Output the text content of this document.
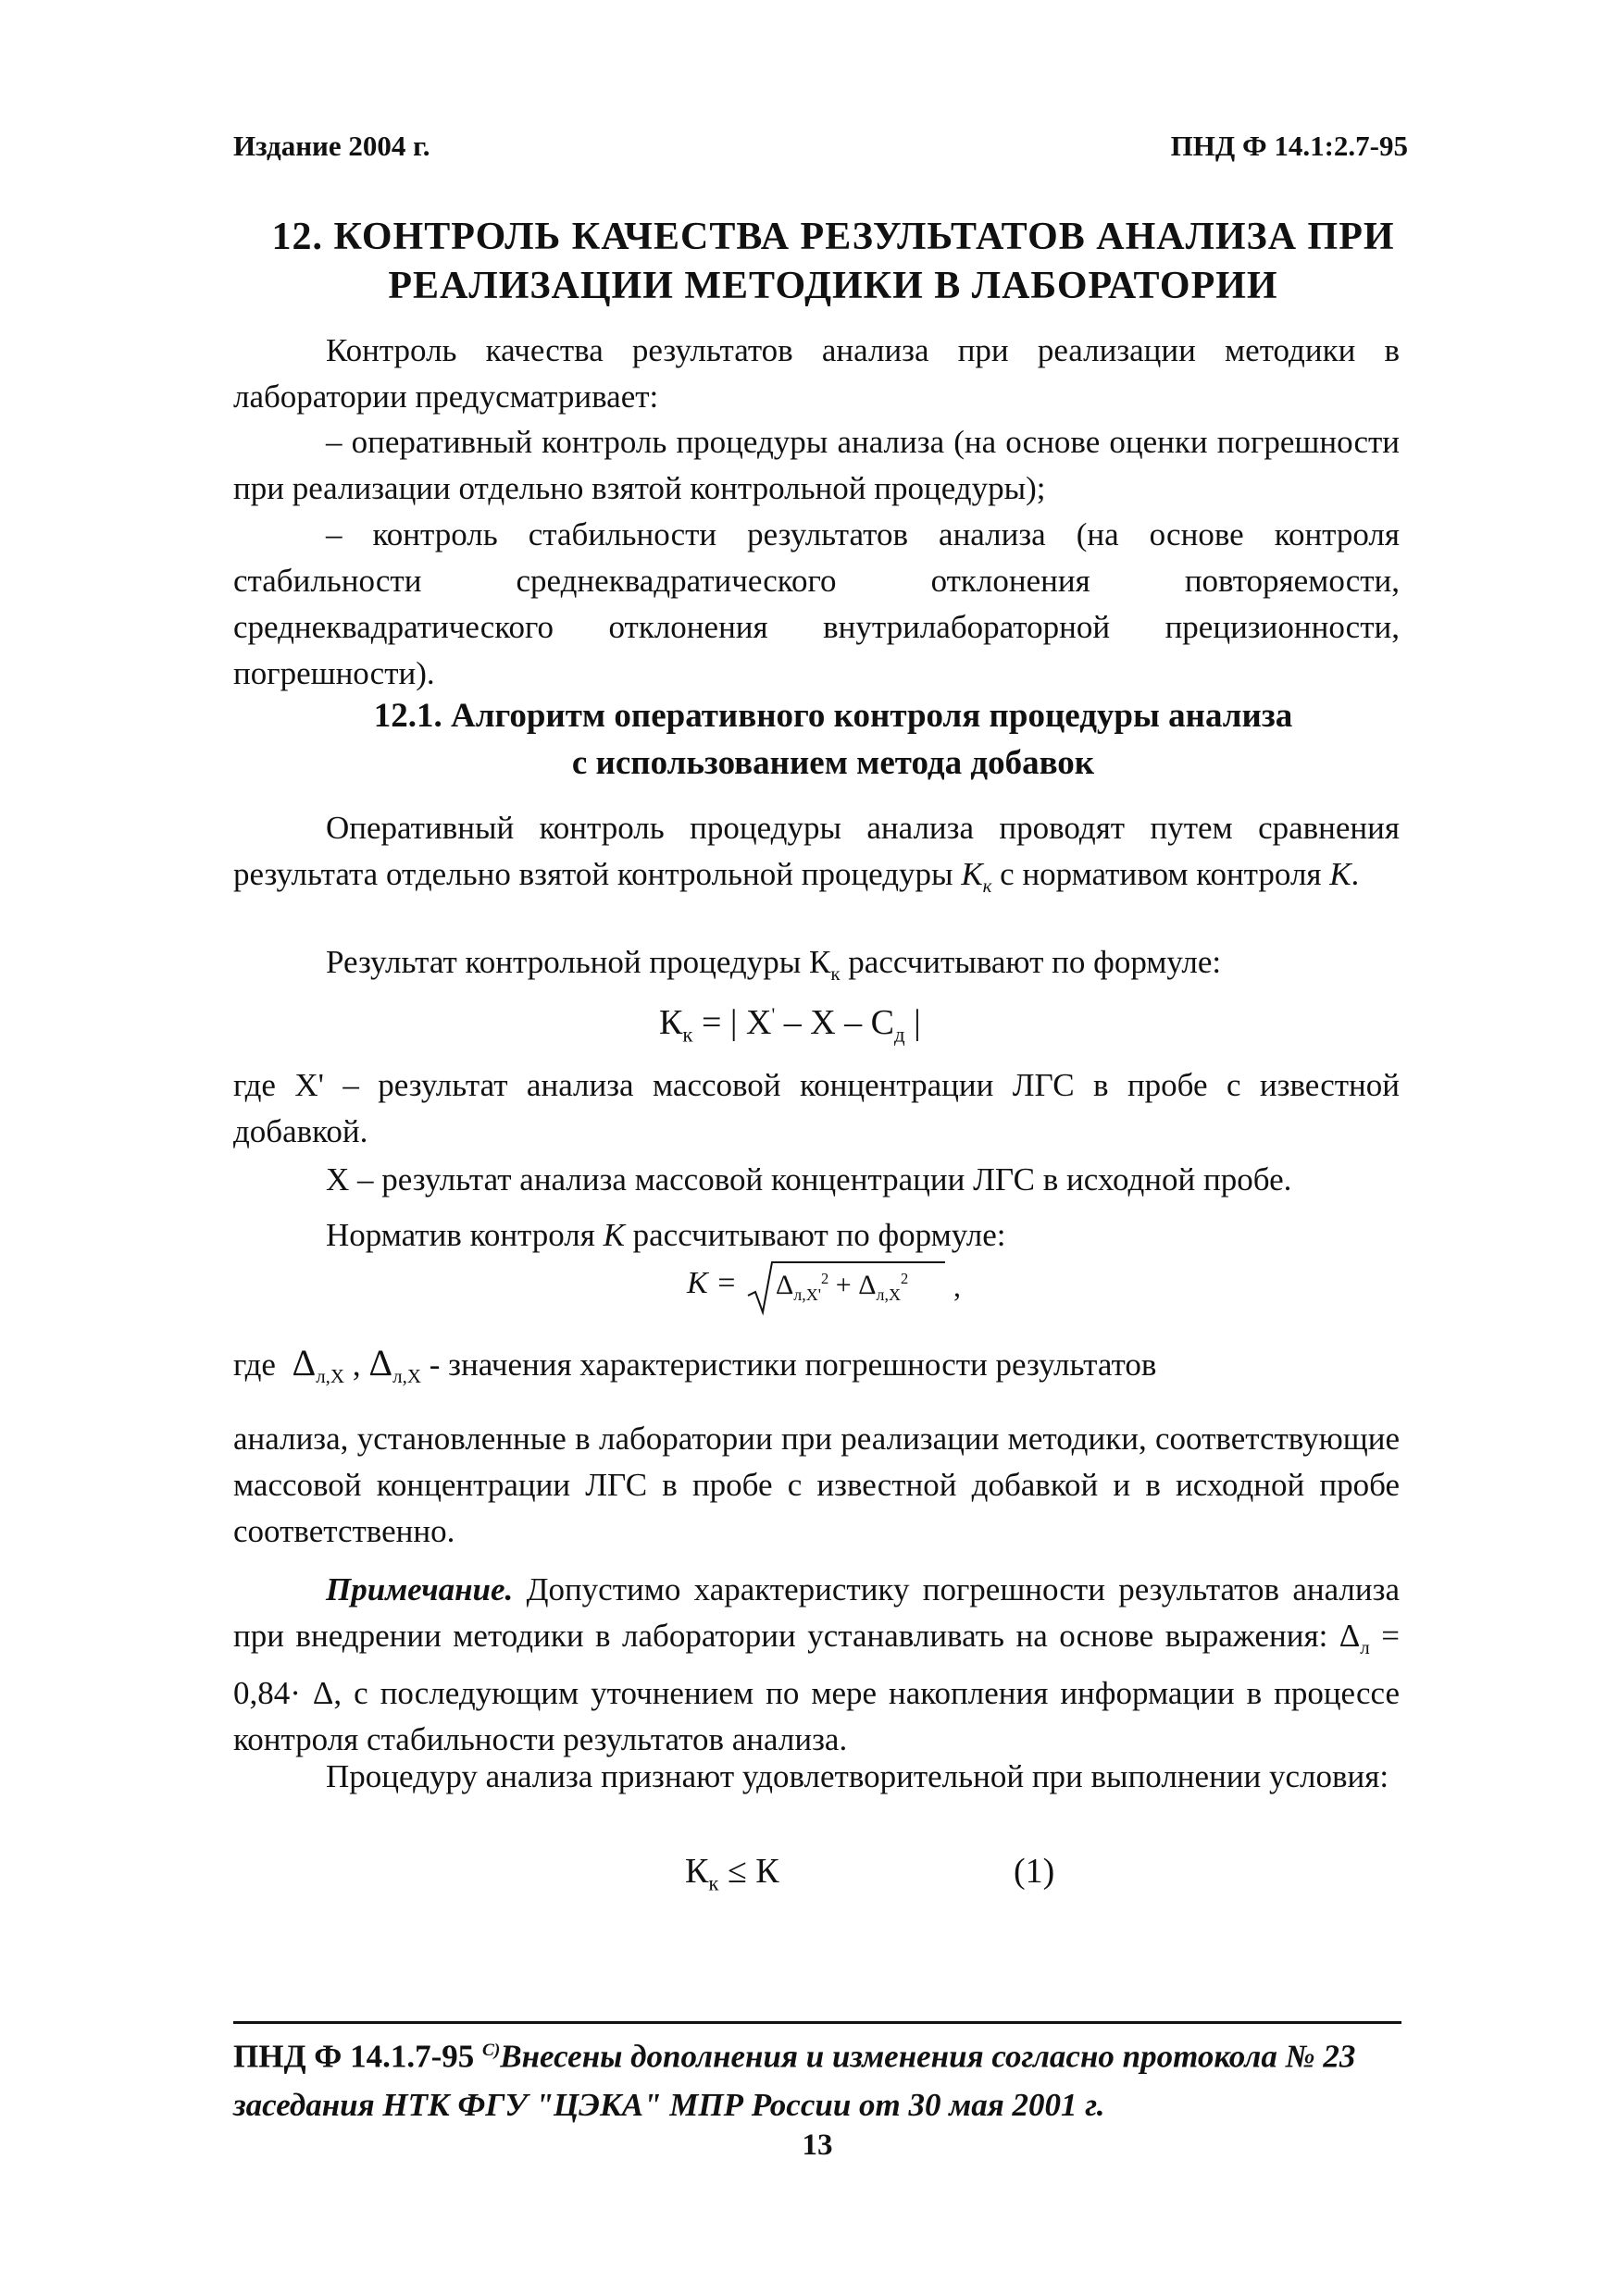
Издание 2004 г.	ПНД Ф 14.1:2.7-95
12. КОНТРОЛЬ КАЧЕСТВА РЕЗУЛЬТАТОВ АНАЛИЗА ПРИ
РЕАЛИЗАЦИИ МЕТОДИКИ В ЛАБОРАТОРИИ
Контроль качества результатов анализа при реализации методики в лаборатории предусматривает:
– оперативный контроль процедуры анализа (на основе оценки погрешности при реализации отдельно взятой контрольной процедуры);
– контроль стабильности результатов анализа (на основе контроля стабильности среднеквадратического отклонения повторяемости, среднеквадратического отклонения внутрилабораторной прецизионности, погрешности).
12.1. Алгоритм оперативного контроля процедуры анализа
с использованием метода добавок
Оперативный контроль процедуры анализа проводят путем сравнения результата отдельно взятой контрольной процедуры $К_к$ с нормативом контроля К.
Результат контрольной процедуры $К_к$ рассчитывают по формуле:
$К_к$ = | X' – X – $С_д$ |
где X' – результат анализа массовой концентрации ЛГС в пробе с известной добавкой.
X – результат анализа массовой концентрации ЛГС в исходной пробе.
Норматив контроля К рассчитывают по формуле:
$К = \Delta_{л,X'}^2 + \Delta_{л,X}^2$ ,
где $\Delta_{л,X}$ , $\Delta_{л,X}$ - значения характеристики погрешности результатов
анализа, установленные в лаборатории при реализации методики, соответствующие массовой концентрации ЛГС в пробе с известной добавкой и в исходной пробе соответственно.
Примечание. Допустимо характеристику погрешности результатов анализа при внедрении методики в лаборатории устанавливать на основе выражения: $\Delta_л = 0,84\cdot \Delta$, с последующим уточнением по мере накопления информации в процессе контроля стабильности результатов анализа.
Процедуру анализа признают удовлетворительной при выполнении условия:
$К_к \le К$	(1)
ПНД Ф 14.1.7-95 $^{С)}$Внесены дополнения и изменения согласно протокола № 23 заседания НТК ФГУ "ЦЭКА" МПР России от 30 мая 2001 г.
13
